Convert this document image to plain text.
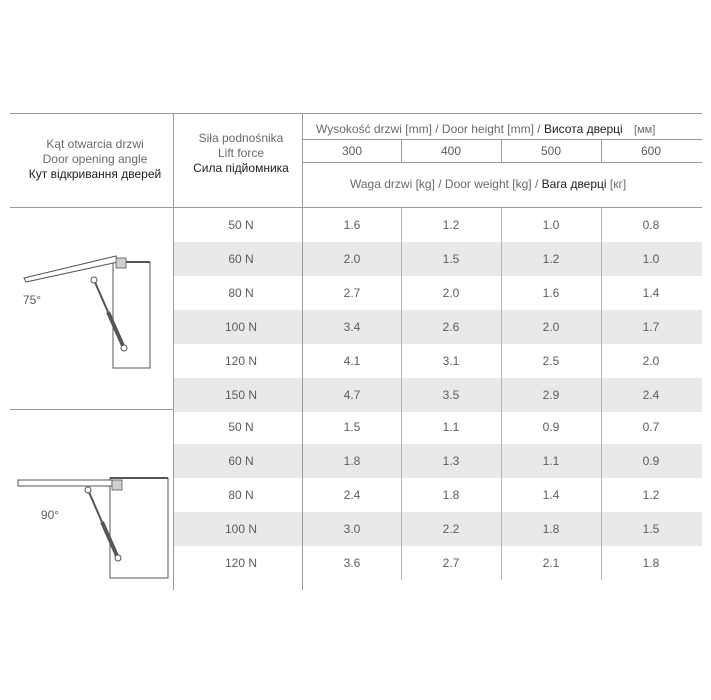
Kąt otwarcia drzwi
Door opening angle
Кут відкривання дверей
Siła podnośnika
Lift force
Сила підйомника
Wysokość drzwi [mm] / Door height [mm] / Висота дверці [мм]
Waga drzwi [kg] / Door weight [kg] / Вага дверці [кг]
75°
90°
300	400	500	600
50 N	1.6	1.2	1.0	0.8
60 N	2.0	1.5	1.2	1.0
80 N	2.7	2.0	1.6	1.4
100 N	3.4	2.6	2.0	1.7
120 N	4.1	3.1	2.5	2.0
150 N	4.7	3.5	2.9	2.4
50 N	1.5	1.1	0.9	0.7
60 N	1.8	1.3	1.1	0.9
80 N	2.4	1.8	1.4	1.2
100 N	3.0	2.2	1.8	1.5
120 N	3.6	2.7	2.1	1.8
